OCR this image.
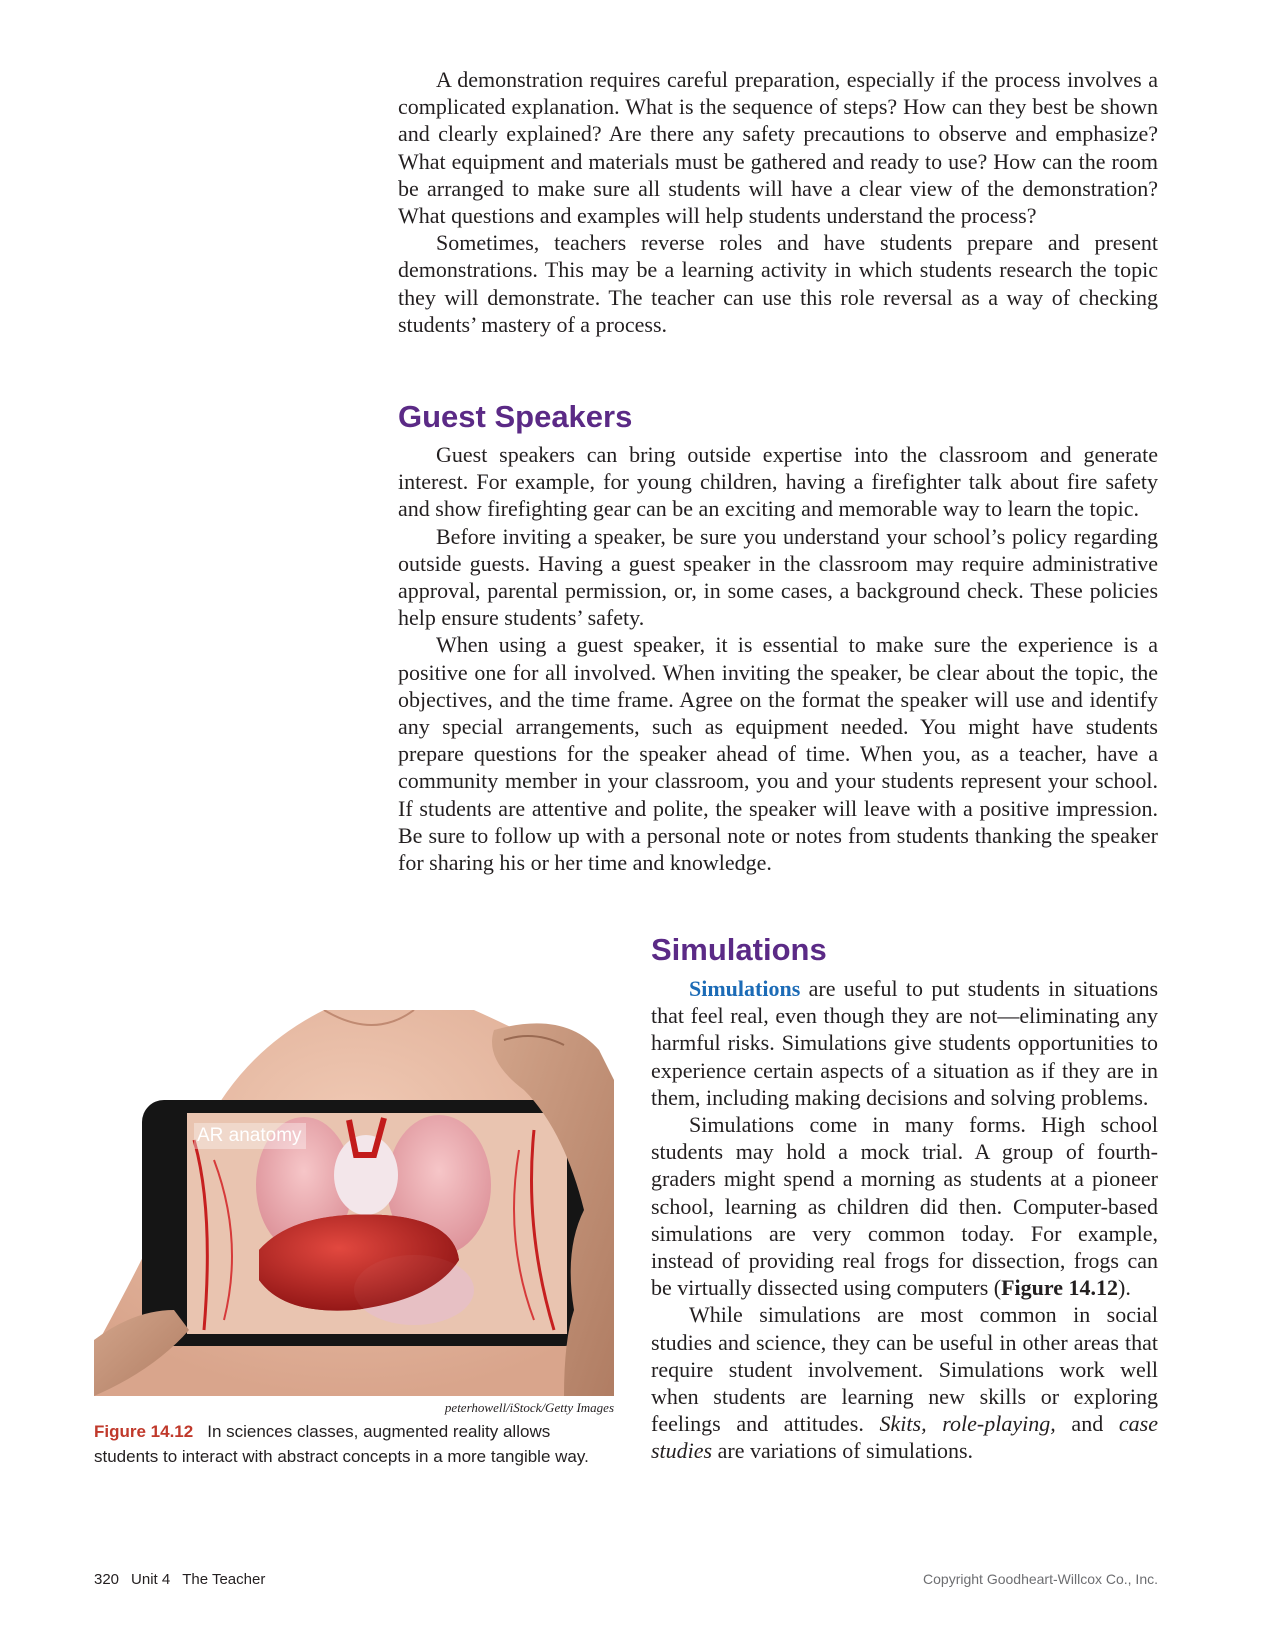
A demonstration requires careful preparation, especially if the process involves a complicated explanation. What is the sequence of steps? How can they best be shown and clearly explained? Are there any safety precautions to observe and emphasize? What equipment and materials must be gathered and ready to use? How can the room be arranged to make sure all students will have a clear view of the demonstration? What questions and examples will help students understand the process?

Sometimes, teachers reverse roles and have students prepare and present demonstrations. This may be a learning activity in which students research the topic they will demonstrate. The teacher can use this role reversal as a way of checking students’ mastery of a process.

Guest Speakers

Guest speakers can bring outside expertise into the classroom and generate interest. For example, for young children, having a firefighter talk about fire safety and show firefighting gear can be an exciting and memorable way to learn the topic.

Before inviting a speaker, be sure you understand your school’s policy regarding outside guests. Having a guest speaker in the classroom may require administrative approval, parental permission, or, in some cases, a background check. These policies help ensure students’ safety.

When using a guest speaker, it is essential to make sure the experience is a positive one for all involved. When inviting the speaker, be clear about the topic, the objectives, and the time frame. Agree on the format the speaker will use and identify any special arrangements, such as equipment needed. You might have students prepare questions for the speaker ahead of time. When you, as a teacher, have a community member in your classroom, you and your students represent your school. If students are attentive and polite, the speaker will leave with a positive impression. Be sure to follow up with a personal note or notes from students thanking the speaker for sharing his or her time and knowledge.

Simulations

Simulations are useful to put students in situations that feel real, even though they are not—eliminating any harmful risks. Simulations give students opportunities to experience certain aspects of a situation as if they are in them, including making decisions and solving problems.

Simulations come in many forms. High school students may hold a mock trial. A group of fourth-graders might spend a morning as students at a pioneer school, learning as children did then. Computer-based simulations are very common today. For example, instead of providing real frogs for dissection, frogs can be virtually dissected using computers (Figure 14.12).

While simulations are most common in social studies and science, they can be useful in other areas that require student involvement. Simulations work well when students are learning new skills or exploring feelings and attitudes. Skits, role-playing, and case studies are variations of simulations.

AR anatomy
peterhowell/iStock/Getty Images
Figure 14.12 In sciences classes, augmented reality allows students to interact with abstract concepts in a more tangible way.
320 Unit 4 The Teacher	Copyright Goodheart-Willcox Co., Inc.
